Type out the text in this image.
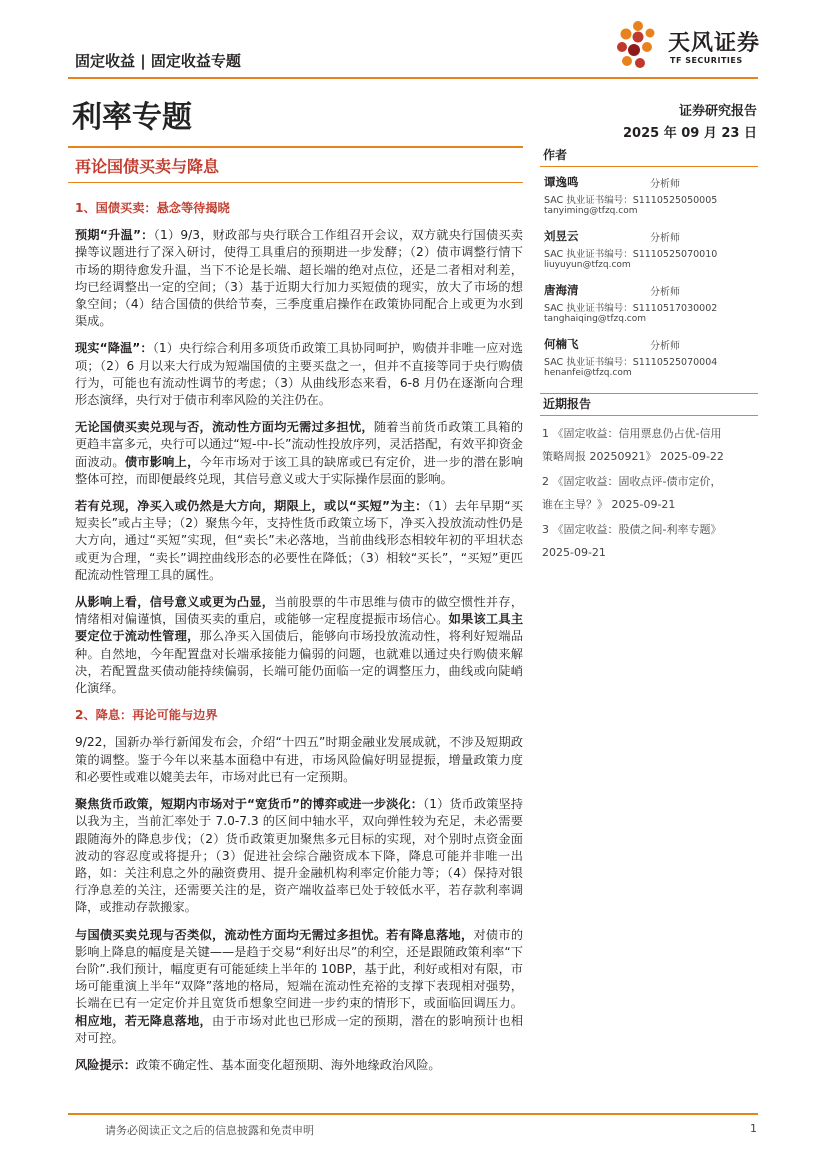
固定收益 | 固定收益专题
天风证券
TF SECURITIES
利率专题	证券研究报告
2025 年 09 月 23 日
再论国债买卖与降息
1、国债买卖：悬念等待揭晓

预期“升温”：（1）9/3，财政部与央行联合工作组召开会议，双方就央行国债买卖操等议题进行了深入研讨，使得工具重启的预期进一步发酵；（2）债市调整行情下市场的期待愈发升温，当下不论是长端、超长端的绝对点位，还是二者相对利差，均已经调整出一定的空间；（3）基于近期大行加力买短债的现实，放大了市场的想象空间；（4）结合国债的供给节奏，三季度重启操作在政策协同配合上或更为水到渠成。

现实“降温”：（1）央行综合利用多项货币政策工具协同呵护，购债并非唯一应对选项；（2）6 月以来大行成为短端国债的主要买盘之一，但并不直接等同于央行购债行为，可能也有流动性调节的考虑；（3）从曲线形态来看，6-8 月仍在逐渐向合理形态演绎，央行对于债市利率风险的关注仍在。

无论国债买卖兑现与否，流动性方面均无需过多担忧，随着当前货币政策工具箱的更趋丰富多元，央行可以通过“短-中-长”流动性投放序列，灵活搭配，有效平抑资金面波动。债市影响上，今年市场对于该工具的缺席或已有定价，进一步的潜在影响整体可控，而即便最终兑现，其信号意义或大于实际操作层面的影响。

若有兑现，净买入或仍然是大方向，期限上，或以“买短”为主：（1）去年早期“买短卖长”或占主导；（2）聚焦今年，支持性货币政策立场下，净买入投放流动性仍是大方向，通过“买短”实现，但“卖长”未必落地，当前曲线形态相较年初的平坦状态或更为合理，“卖长”调控曲线形态的必要性在降低；（3）相较“买长”，“买短”更匹配流动性管理工具的属性。

从影响上看，信号意义或更为凸显，当前股票的牛市思维与债市的做空惯性并存，情绪相对偏谨慎，国债买卖的重启，或能够一定程度提振市场信心。如果该工具主要定位于流动性管理，那么净买入国债后，能够向市场投放流动性，将利好短端品种。自然地，今年配置盘对长端承接能力偏弱的问题，也就难以通过央行购债来解决，若配置盘买债动能持续偏弱，长端可能仍面临一定的调整压力，曲线或向陡峭化演绎。

2、降息：再论可能与边界

9/22，国新办举行新闻发布会，介绍“十四五”时期金融业发展成就，不涉及短期政策的调整。鉴于今年以来基本面稳中有进，市场风险偏好明显提振，增量政策力度和必要性或难以媲美去年，市场对此已有一定预期。

聚焦货币政策，短期内市场对于“宽货币”的博弈或进一步淡化：（1）货币政策坚持以我为主，当前汇率处于 7.0-7.3 的区间中轴水平，双向弹性较为充足，未必需要跟随海外的降息步伐；（2）货币政策更加聚焦多元目标的实现，对个别时点资金面波动的容忍度或将提升；（3）促进社会综合融资成本下降，降息可能并非唯一出路，如：关注利息之外的融资费用、提升金融机构利率定价能力等；（4）保持对银行净息差的关注，还需要关注的是，资产端收益率已处于较低水平，若存款利率调降，或推动存款搬家。

与国债买卖兑现与否类似，流动性方面均无需过多担忧。若有降息落地，对债市的影响上降息的幅度是关键——是趋于交易“利好出尽”的利空，还是跟随政策利率“下台阶”.我们预计，幅度更有可能延续上半年的 10BP，基于此，利好或相对有限，市场可能重演上半年“双降”落地的格局，短端在流动性充裕的支撑下表现相对强势，长端在已有一定定价并且宽货币想象空间进一步约束的情形下，或面临回调压力。相应地，若无降息落地，由于市场对此也已形成一定的预期，潜在的影响预计也相对可控。

风险提示：政策不确定性、基本面变化超预期、海外地缘政治风险。

作者
谭逸鸣	分析师
SAC 执业证书编号：S1110525050005
tanyiming@tfzq.com
刘昱云	分析师
SAC 执业证书编号：S1110525070010
liuyuyun@tfzq.com
唐海清	分析师
SAC 执业证书编号：S1110517030002
tanghaiqing@tfzq.com
何楠飞	分析师
SAC 执业证书编号：S1110525070004
henanfei@tfzq.com
近期报告
1 《固定收益：信用票息仍占优-信用
策略周报 20250921》 2025-09-22
2 《固定收益：固收点评-债市定价，
谁在主导？》 2025-09-21
3 《固定收益：股债之间-利率专题》
2025-09-21
请务必阅读正文之后的信息披露和免责申明	1
